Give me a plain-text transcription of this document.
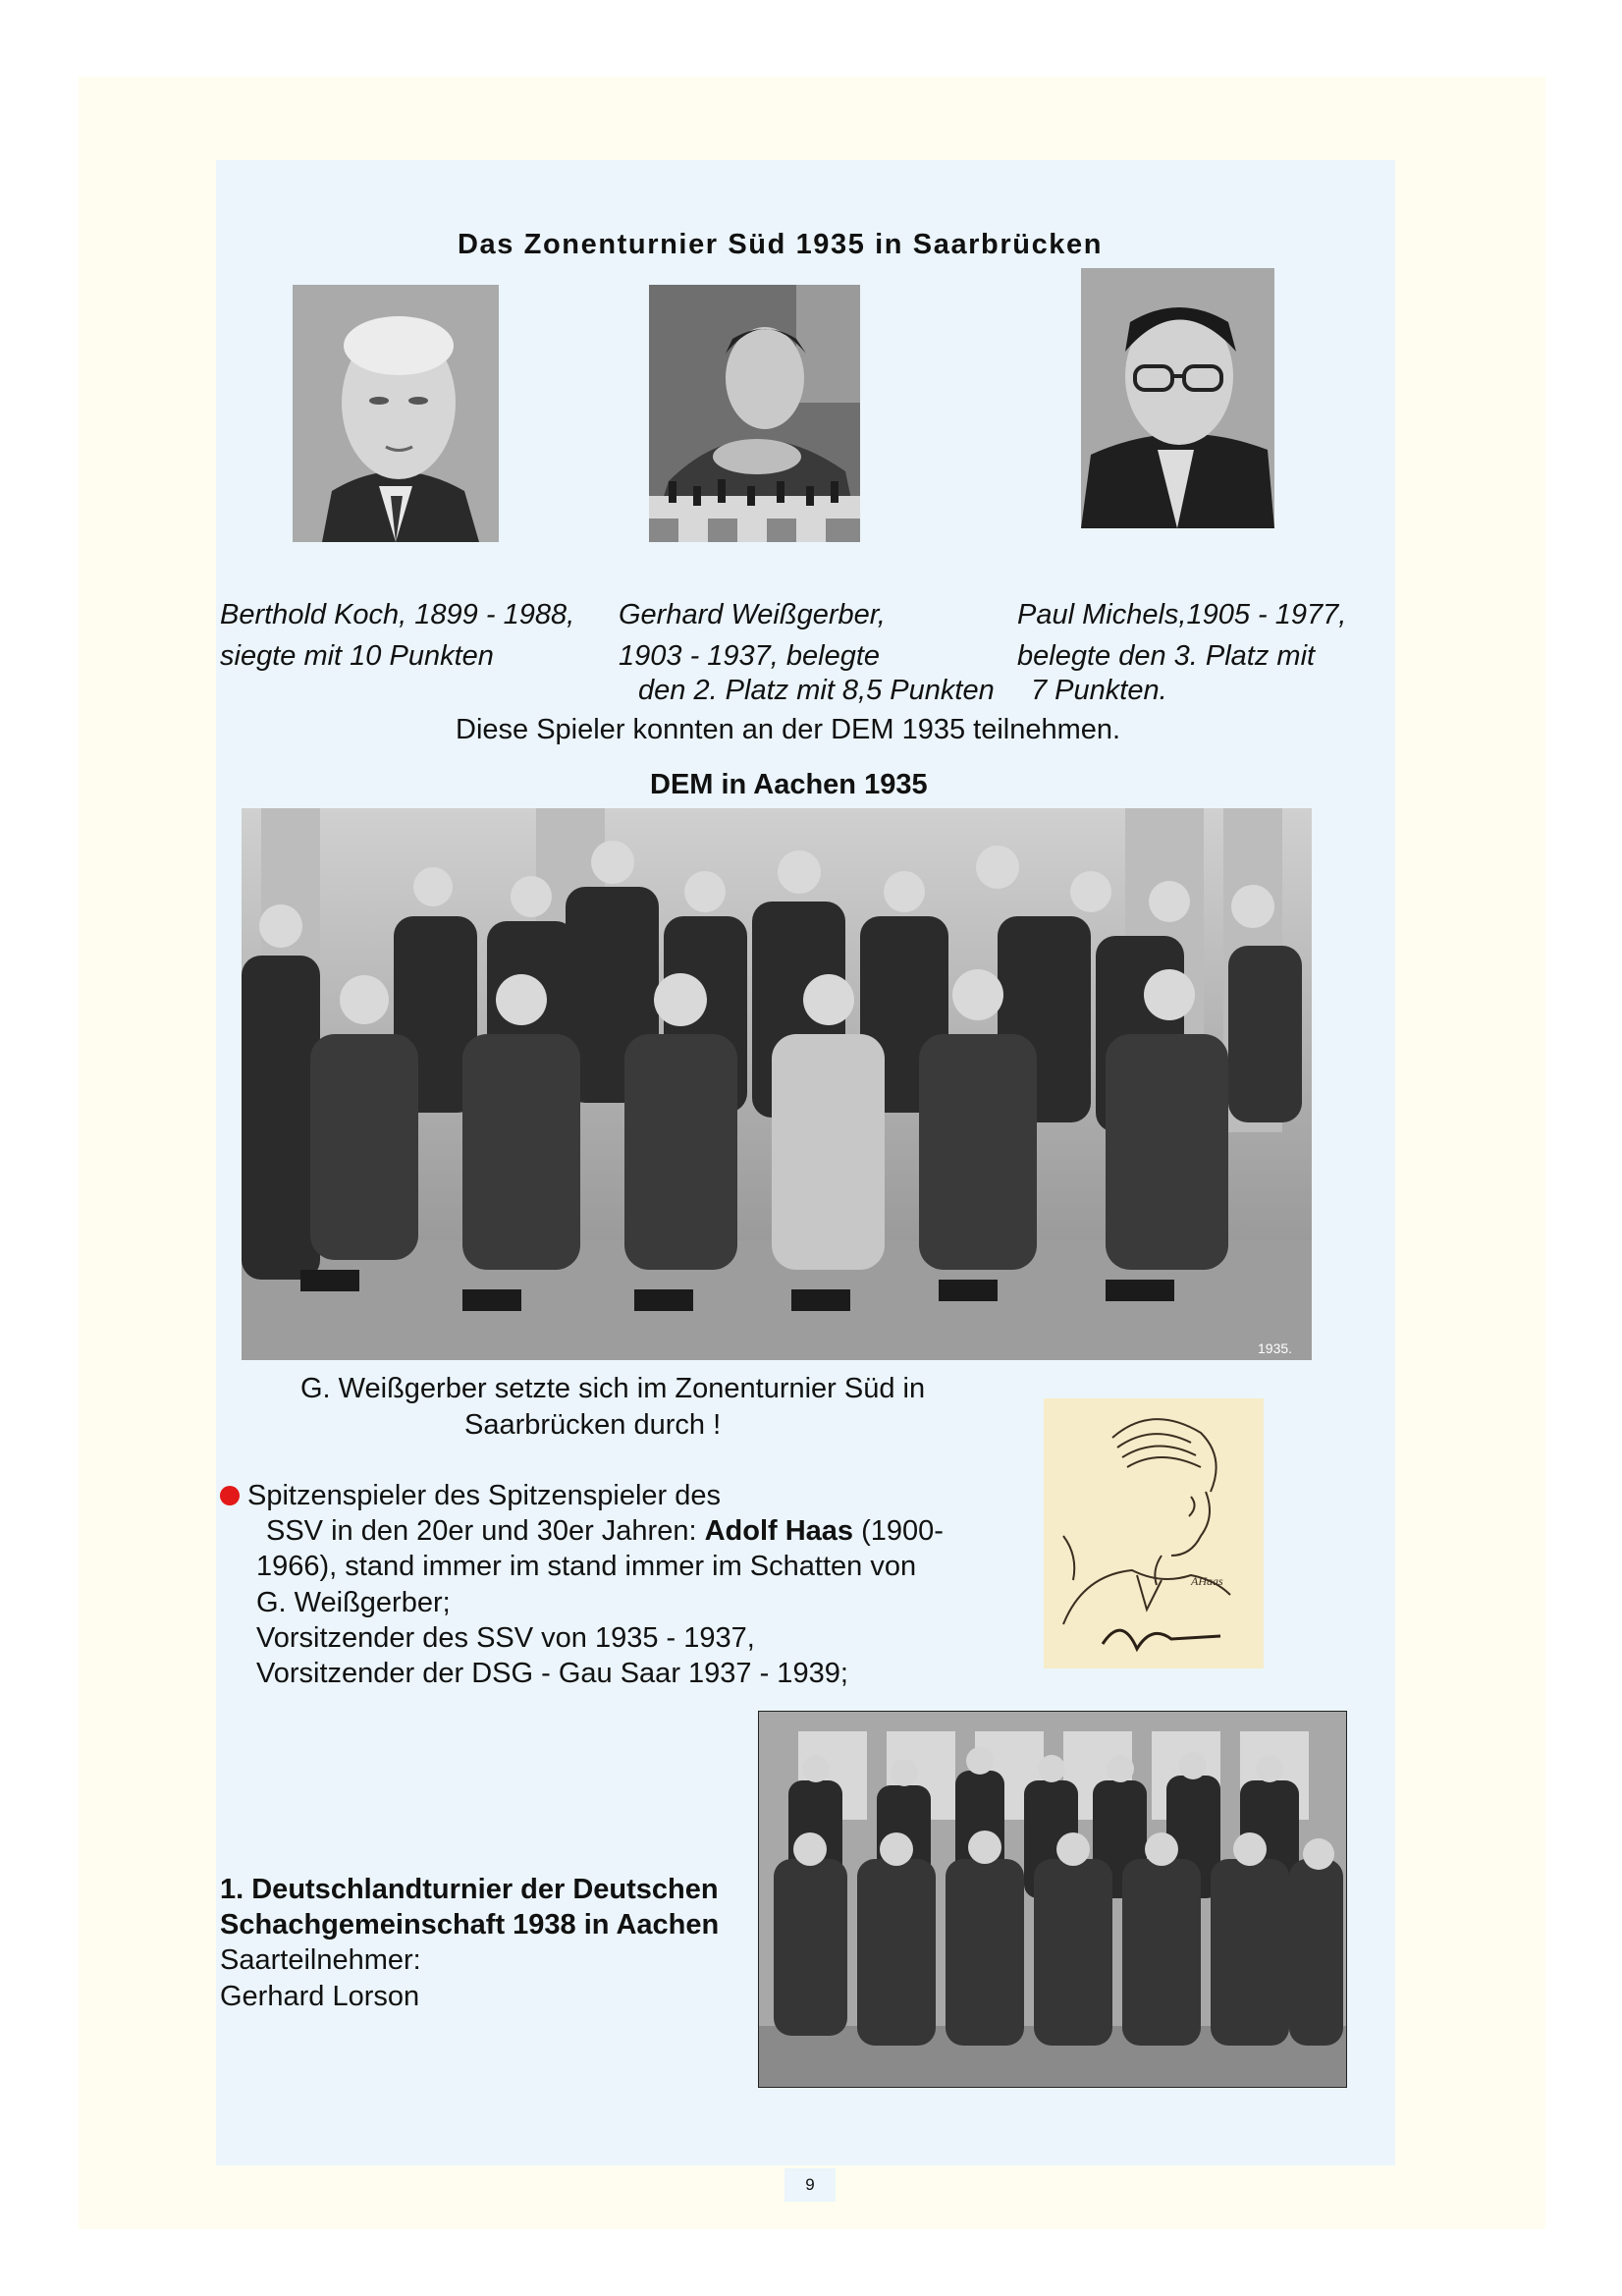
Das Zonenturnier Süd 1935 in Saarbrücken
Berthold Koch, 1899 - 1988,
siegte mit 10 Punkten
Gerhard Weißgerber,
1903 - 1937, belegte
den 2. Platz mit 8,5 Punkten
Paul Michels,1905 - 1977,
belegte den 3. Platz mit
7 Punkten.
Diese Spieler konnten an der DEM 1935 teilnehmen.
DEM in Aachen 1935
1935.
G. Weißgerber setzte sich im Zonenturnier Süd in
Saarbrücken durch !
AHaas
Spitzenspieler des Spitzenspieler des
SSV in den 20er und 30er Jahren: Adolf Haas (1900-
1966), stand immer im stand immer im Schatten von
G. Weißgerber;
Vorsitzender des SSV von 1935 - 1937,
Vorsitzender der DSG - Gau Saar 1937 - 1939;
1. Deutschlandturnier der Deutschen
Schachgemeinschaft 1938 in Aachen
Saarteilnehmer:
Gerhard Lorson
9
